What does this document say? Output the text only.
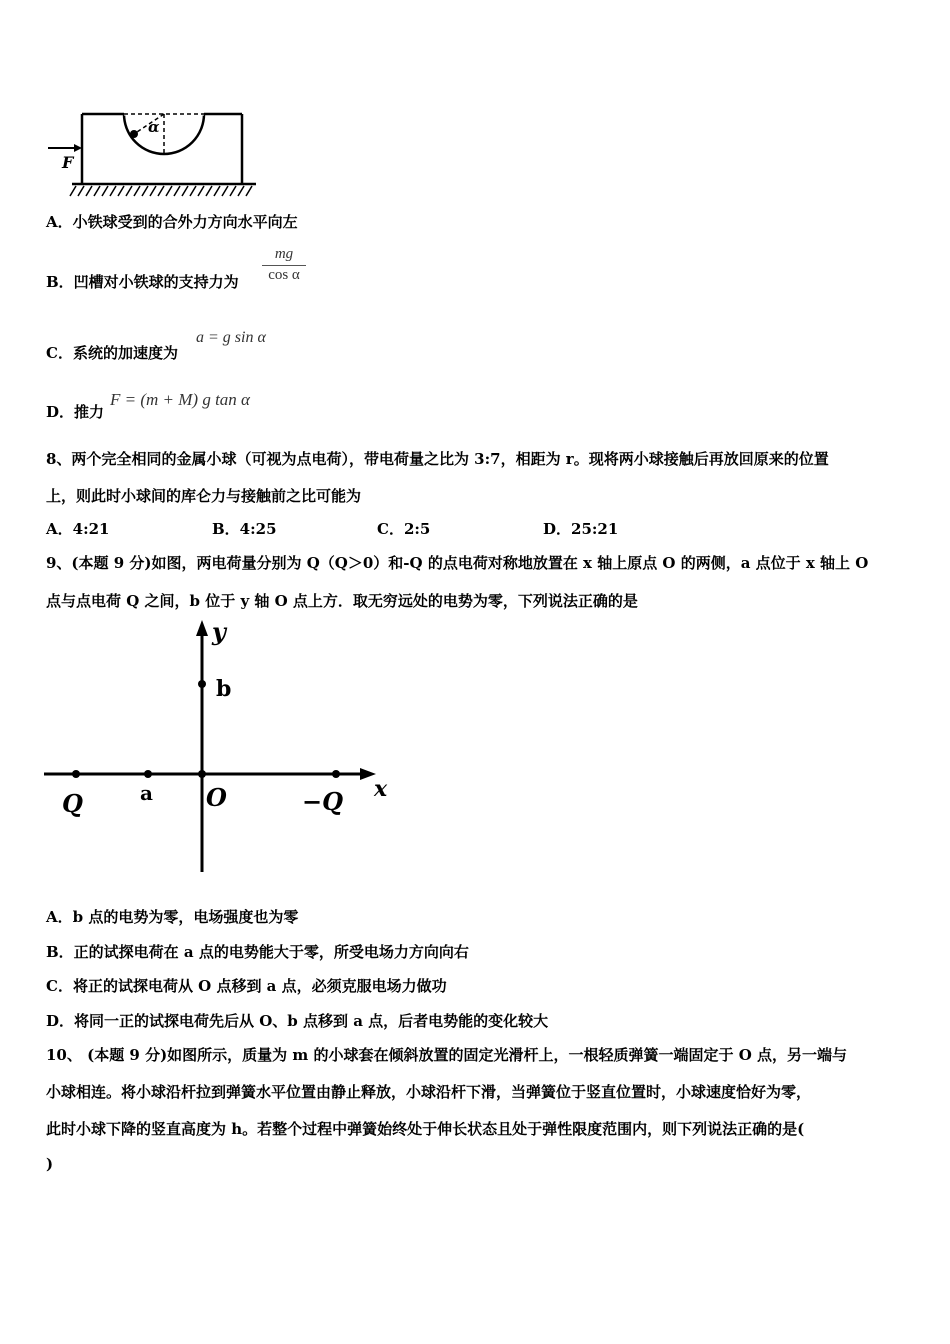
α
F
A．小铁球受到的合外力方向水平向左
B．凹槽对小铁球的支持力为 $\frac{mg}{\text{cos α}}$
C．系统的加速度为
a = g sin α
D．推力
F = (m + M) g tan α
8、两个完全相同的金属小球（可视为点电荷），带电荷量之比为 3:7，相距为 r。现将两小球接触后再放回原来的位置
上，则此时小球间的库仑力与接触前之比可能为
A．4:21	B．4:25	C．2:5	D．25:21
9、(本题 9 分)如图，两电荷量分别为 Q（Q＞0）和-Q 的点电荷对称地放置在 x 轴上原点 O 的两侧，a 点位于 x 轴上 O
点与点电荷 Q 之间，b 位于 y 轴 O 点上方．取无穷远处的电势为零，下列说法正确的是
y
x
b
Q	a O	−Q
A．b 点的电势为零，电场强度也为零
B．正的试探电荷在 a 点的电势能大于零，所受电场力方向向右
C．将正的试探电荷从 O 点移到 a 点，必须克服电场力做功
D．将同一正的试探电荷先后从 O、b 点移到 a 点，后者电势能的变化较大
10、 (本题 9 分)如图所示，质量为 m 的小球套在倾斜放置的固定光滑杆上，一根轻质弹簧一端固定于 O 点，另一端与
小球相连。将小球沿杆拉到弹簧水平位置由静止释放，小球沿杆下滑，当弹簧位于竖直位置时，小球速度恰好为零，
此时小球下降的竖直高度为 h。若整个过程中弹簧始终处于伸长状态且处于弹性限度范围内，则下列说法正确的是(
)
